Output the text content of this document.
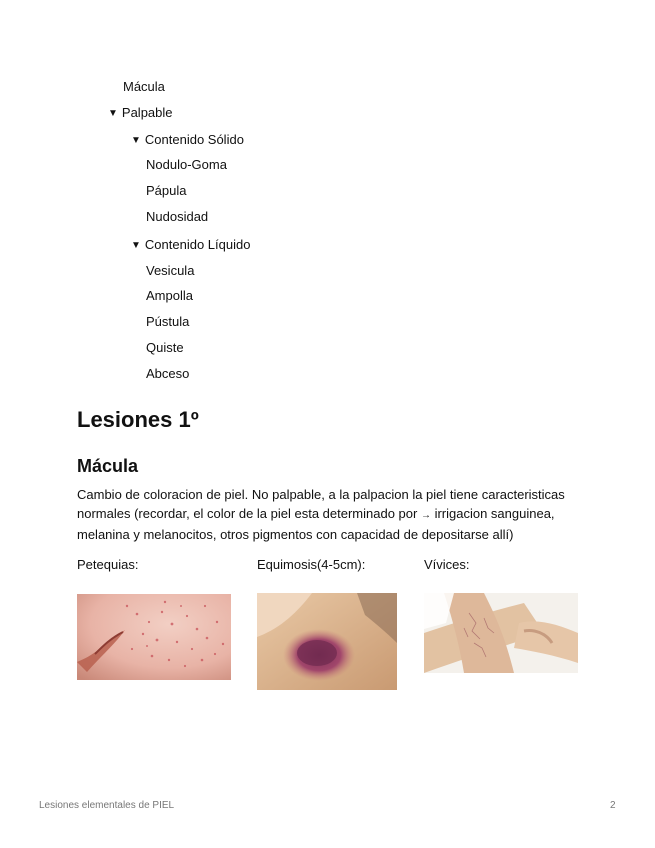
Mácula
▼ Palpable
▼ Contenido Sólido
Nodulo-Goma
Pápula
Nudosidad
▼ Contenido Líquido
Vesicula
Ampolla
Pústula
Quiste
Abceso
Lesiones 1º
Mácula

Cambio de coloracion de piel. No palpable, a la palpacion la piel tiene caracteristicas normales (recordar, el color de la piel esta determinado por → irrigacion sanguinea, melanina y melanocitos, otros pigmentos con capacidad de depositarse allí)

Petequias:	Equimosis(4-5cm):	Vívices:
Lesiones elementales de PIEL	2
